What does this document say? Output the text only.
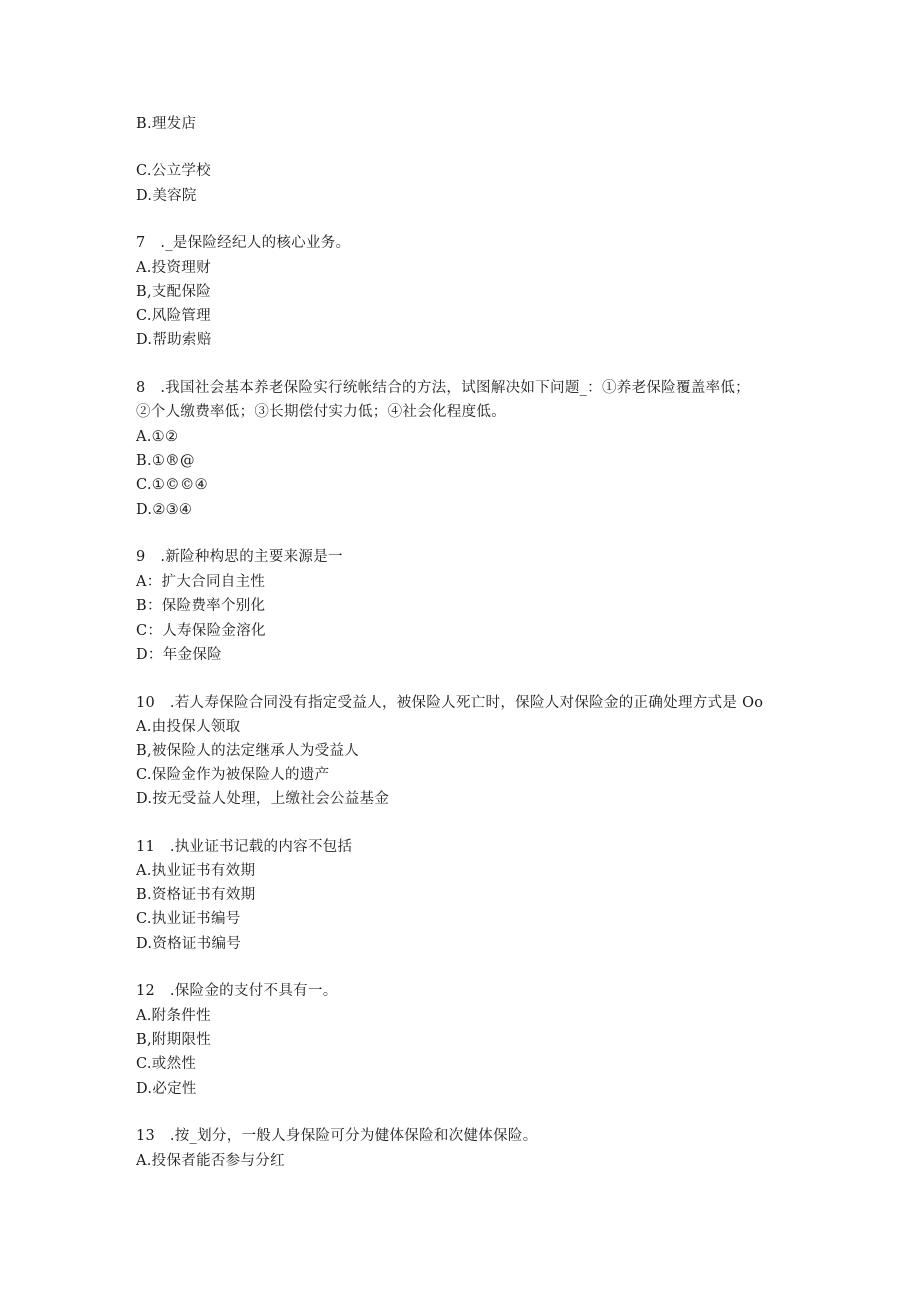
B.理发店
C.公立学校
D.美容院
7　._是保险经纪人的核心业务。
A.投资理财
B,支配保险
C.风险管理
D.帮助索赔
8　.我国社会基本养老保险实行统帐结合的方法，试图解决如下问题_：①养老保险覆盖率低；
②个人缴费率低；③长期偿付实力低；④社会化程度低。
A.①②
B.①®@
C.①©©④
D.②③④
9　.新险种构思的主要来源是一
A：扩大合同自主性
B：保险费率个别化
C：人寿保险金溶化
D：年金保险
10　.若人寿保险合同没有指定受益人，被保险人死亡时，保险人对保险金的正确处理方式是 Oo
A.由投保人领取
B,被保险人的法定继承人为受益人
C.保险金作为被保险人的遗产
D.按无受益人处理，上缴社会公益基金
11　.执业证书记载的内容不包括
A.执业证书有效期
B.资格证书有效期
C.执业证书编号
D.资格证书编号
12　.保险金的支付不具有一。
A.附条件性
B,附期限性
C.或然性
D.必定性
13　.按_划分，一般人身保险可分为健体保险和次健体保险。
A.投保者能否参与分红
